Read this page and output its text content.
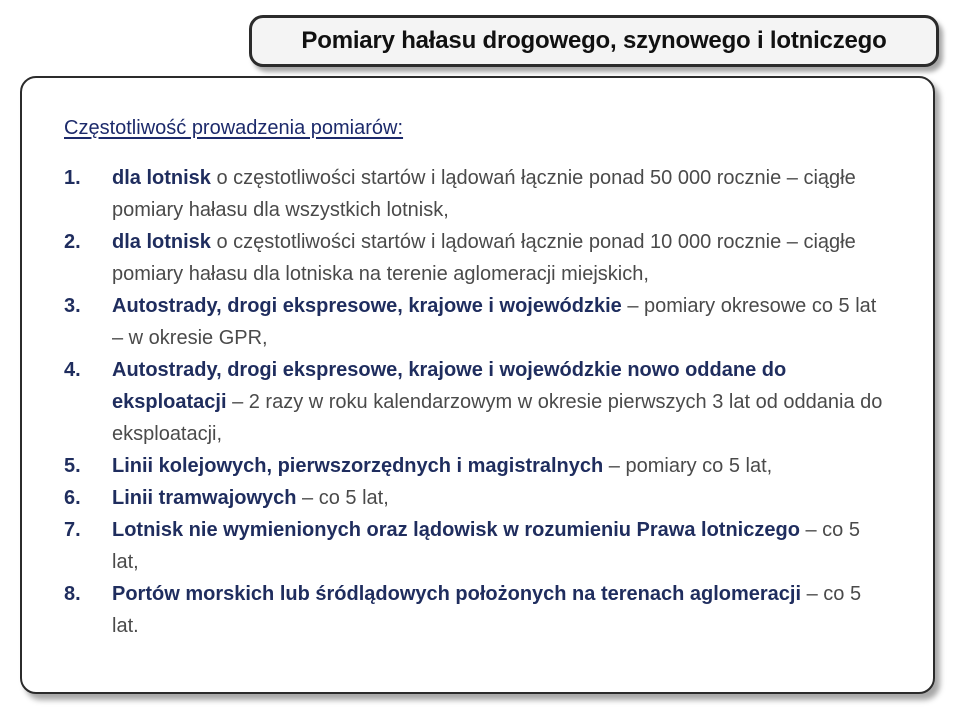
Pomiary hałasu drogowego, szynowego i lotniczego
Częstotliwość prowadzenia pomiarów:
1.	dla lotnisk o częstotliwości startów i lądowań łącznie ponad 50 000 rocznie – ciągłe pomiary hałasu dla wszystkich lotnisk,
2.	dla lotnisk o częstotliwości startów i lądowań łącznie ponad 10 000 rocznie – ciągłe pomiary hałasu dla lotniska na terenie aglomeracji miejskich,
3.	Autostrady, drogi ekspresowe, krajowe i wojewódzkie – pomiary okresowe co 5 lat – w okresie GPR,
4.	Autostrady, drogi ekspresowe, krajowe i wojewódzkie nowo oddane do eksploatacji – 2 razy w roku kalendarzowym w okresie pierwszych 3 lat od oddania do eksploatacji,
5.	Linii kolejowych, pierwszorzędnych i magistralnych – pomiary co 5 lat,
6.	Linii tramwajowych – co 5 lat,
7.	Lotnisk nie wymienionych oraz lądowisk w rozumieniu Prawa lotniczego – co 5 lat,
8.	Portów morskich lub śródlądowych położonych na terenach aglomeracji – co 5 lat.
